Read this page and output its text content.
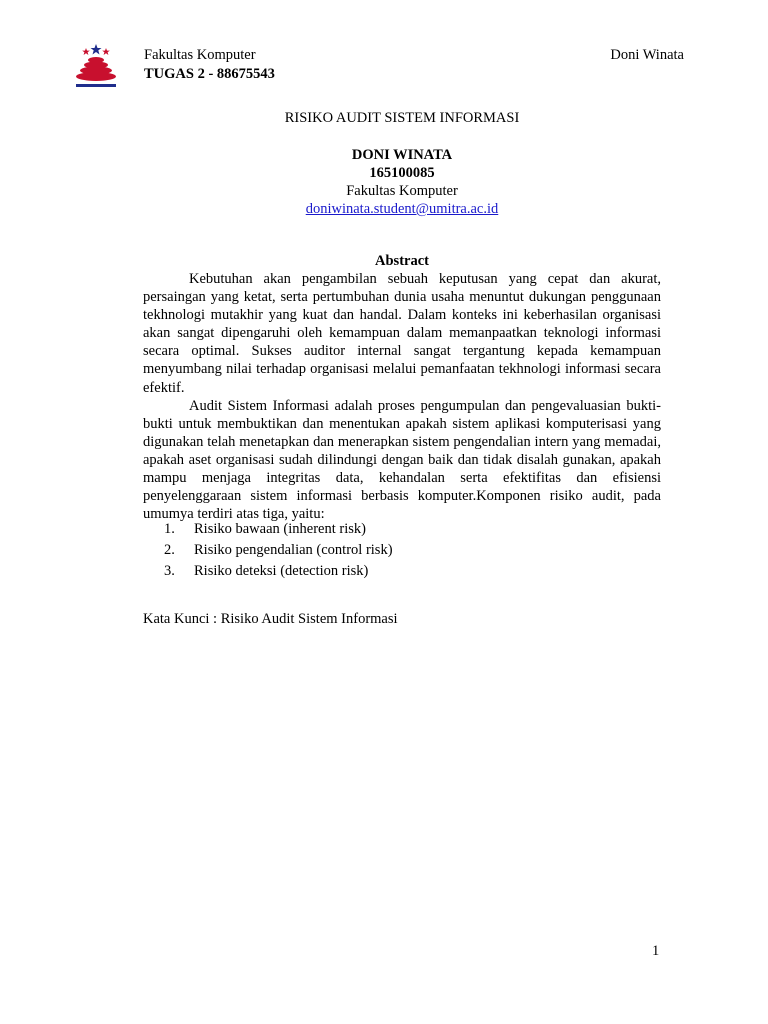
Fakultas Komputer
TUGAS 2 - 88675543
Doni Winata
RISIKO AUDIT SISTEM INFORMASI
DONI WINATA
165100085
Fakultas Komputer
doniwinata.student@umitra.ac.id
Abstract

Kebutuhan akan pengambilan sebuah keputusan yang cepat dan akurat, persaingan yang ketat, serta pertumbuhan dunia usaha menuntut dukungan penggunaan tekhnologi mutakhir yang kuat dan handal. Dalam konteks ini keberhasilan organisasi akan sangat dipengaruhi oleh kemampuan dalam memanpaatkan teknologi informasi secara optimal. Sukses auditor internal sangat tergantung kepada kemampuan menyumbang nilai terhadap organisasi melalui pemanfaatan tekhnologi informasi secara efektif.

Audit Sistem Informasi adalah proses pengumpulan dan pengevaluasian bukti-bukti untuk membuktikan dan menentukan apakah sistem aplikasi komputerisasi yang digunakan telah menetapkan dan menerapkan sistem pengendalian intern yang memadai, apakah aset organisasi sudah dilindungi dengan baik dan tidak disalah gunakan, apakah mampu menjaga integritas data, kehandalan serta efektifitas dan efisiensi penyelenggaraan sistem informasi berbasis komputer.Komponen risiko audit, pada umumya terdiri atas tiga, yaitu:

1.	Risiko bawaan (inherent risk)
2.	Risiko pengendalian (control risk)
3.	Risiko deteksi (detection risk)
Kata Kunci : Risiko Audit Sistem Informasi
1
